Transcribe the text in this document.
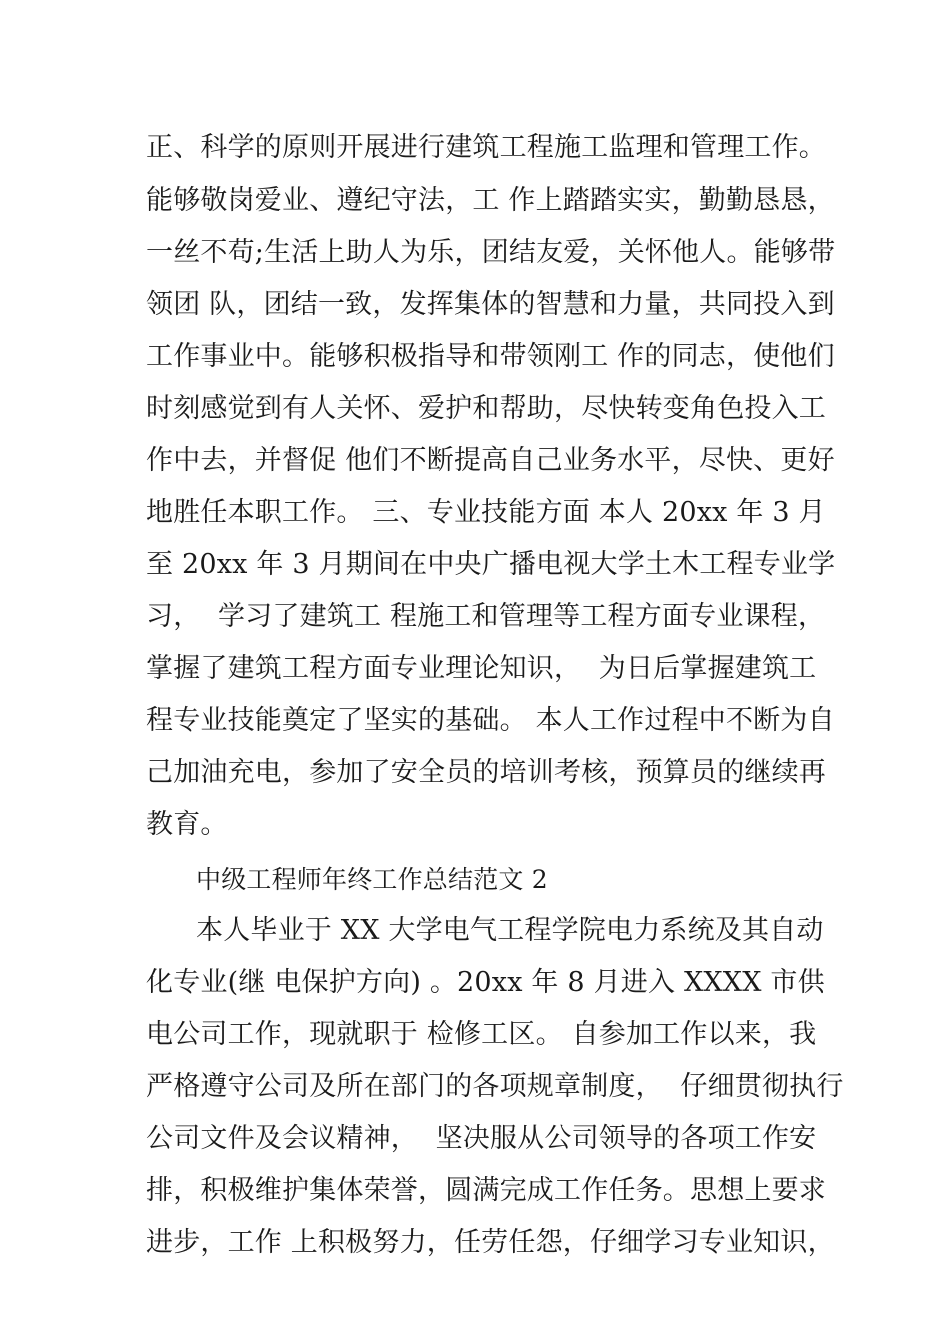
正、科学的原则开展进行建筑工程施工监理和管理工作。
能够敬岗爱业、遵纪守法，工 作上踏踏实实，勤勤恳恳，
一丝不苟;生活上助人为乐，团结友爱，关怀他人。能够带
领团 队，团结一致，发挥集体的智慧和力量，共同投入到
工作事业中。能够积极指导和带领刚工 作的同志，使他们
时刻感觉到有人关怀、爱护和帮助，尽快转变角色投入工
作中去，并督促 他们不断提高自己业务水平，尽快、更好
地胜任本职工作。 三、专业技能方面 本人 20xx 年 3 月
至 20xx 年 3 月期间在中央广播电视大学土木工程专业学
习，  学习了建筑工 程施工和管理等工程方面专业课程，
掌握了建筑工程方面专业理论知识，  为日后掌握建筑工
程专业技能奠定了坚实的基础。 本人工作过程中不断为自
己加油充电，参加了安全员的培训考核，预算员的继续再
教育。
中级工程师年终工作总结范文 2
本人毕业于 XX 大学电气工程学院电力系统及其自动
化专业(继 电保护方向) 。20xx 年 8 月进入 XXXX 市供
电公司工作，现就职于 检修工区。 自参加工作以来，我
严格遵守公司及所在部门的各项规章制度，  仔细贯彻执行
公司文件及会议精神，  坚决服从公司领导的各项工作安
排，积极维护集体荣誉，圆满完成工作任务。思想上要求
进步，工作 上积极努力，任劳任怨，仔细学习专业知识，
